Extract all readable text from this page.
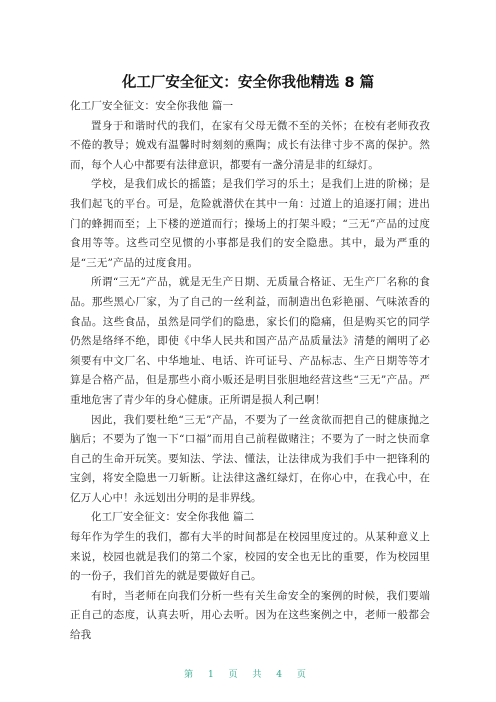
化工厂安全征文：安全你我他精选 8 篇

化工厂安全征文：安全你我他 篇一

置身于和谐时代的我们，在家有父母无微不至的关怀；在校有老师孜孜不倦的教导；娩戏有温馨时时刻刻的熏陶；成长有法律寸步不离的保护。然而，每个人心中都要有法律意识，都要有一盏分清是非的红绿灯。

学校，是我们成长的摇篮；是我们学习的乐土；是我们上进的阶梯；是我们起飞的平台。可是，危险就潜伏在其中一角：过道上的追逐打闹；进出门的蜂拥而至；上下楼的逆道而行；操场上的打架斗殴；“三无”产品的过度食用等等。这些司空见惯的小事都是我们的安全隐患。其中，最为严重的是“三无”产品的过度食用。

所谓“三无”产品，就是无生产日期、无质量合格证、无生产厂名称的食品。那些黑心厂家，为了自己的一丝利益，而制造出色彩艳丽、气味浓香的食品。这些食品，虽然是同学们的隐患，家长们的隐痛，但是购买它的同学仍然是络绎不绝，即使《中华人民共和国产品产品质量法》清楚的阐明了必须要有中文厂名、中华地址、电话、许可证号、产品标志、生产日期等等才算是合格产品，但是那些小商小贩还是明目张胆地经营这些“三无”产品。严重地危害了青少年的身心健康。正所谓是损人利己啊！

因此，我们要杜绝“三无”产品，不要为了一丝贪欲而把自己的健康抛之脑后；不要为了饱一下“口福”而用自己前程做赌注；不要为了一时之快而拿自己的生命开玩笑。要知法、学法、懂法，让法律成为我们手中一把锋利的宝剑，将安全隐患一刀斩断。让法律这盏红绿灯，在你心中，在我心中，在亿万人心中！永远划出分明的是非界线。

化工厂安全征文：安全你我他 篇二

每年作为学生的我们，都有大半的时间都是在校园里度过的。从某种意义上来说，校园也就是我们的第二个家，校园的安全也无比的重要，作为校园里的一份子，我们首先的就是要做好自己。

有时，当老师在向我们分析一些有关生命安全的案例的时候，我们要端正自己的态度，认真去听，用心去听。因为在这些案例之中，老师一般都会给我

第 1 页 共 4 页
